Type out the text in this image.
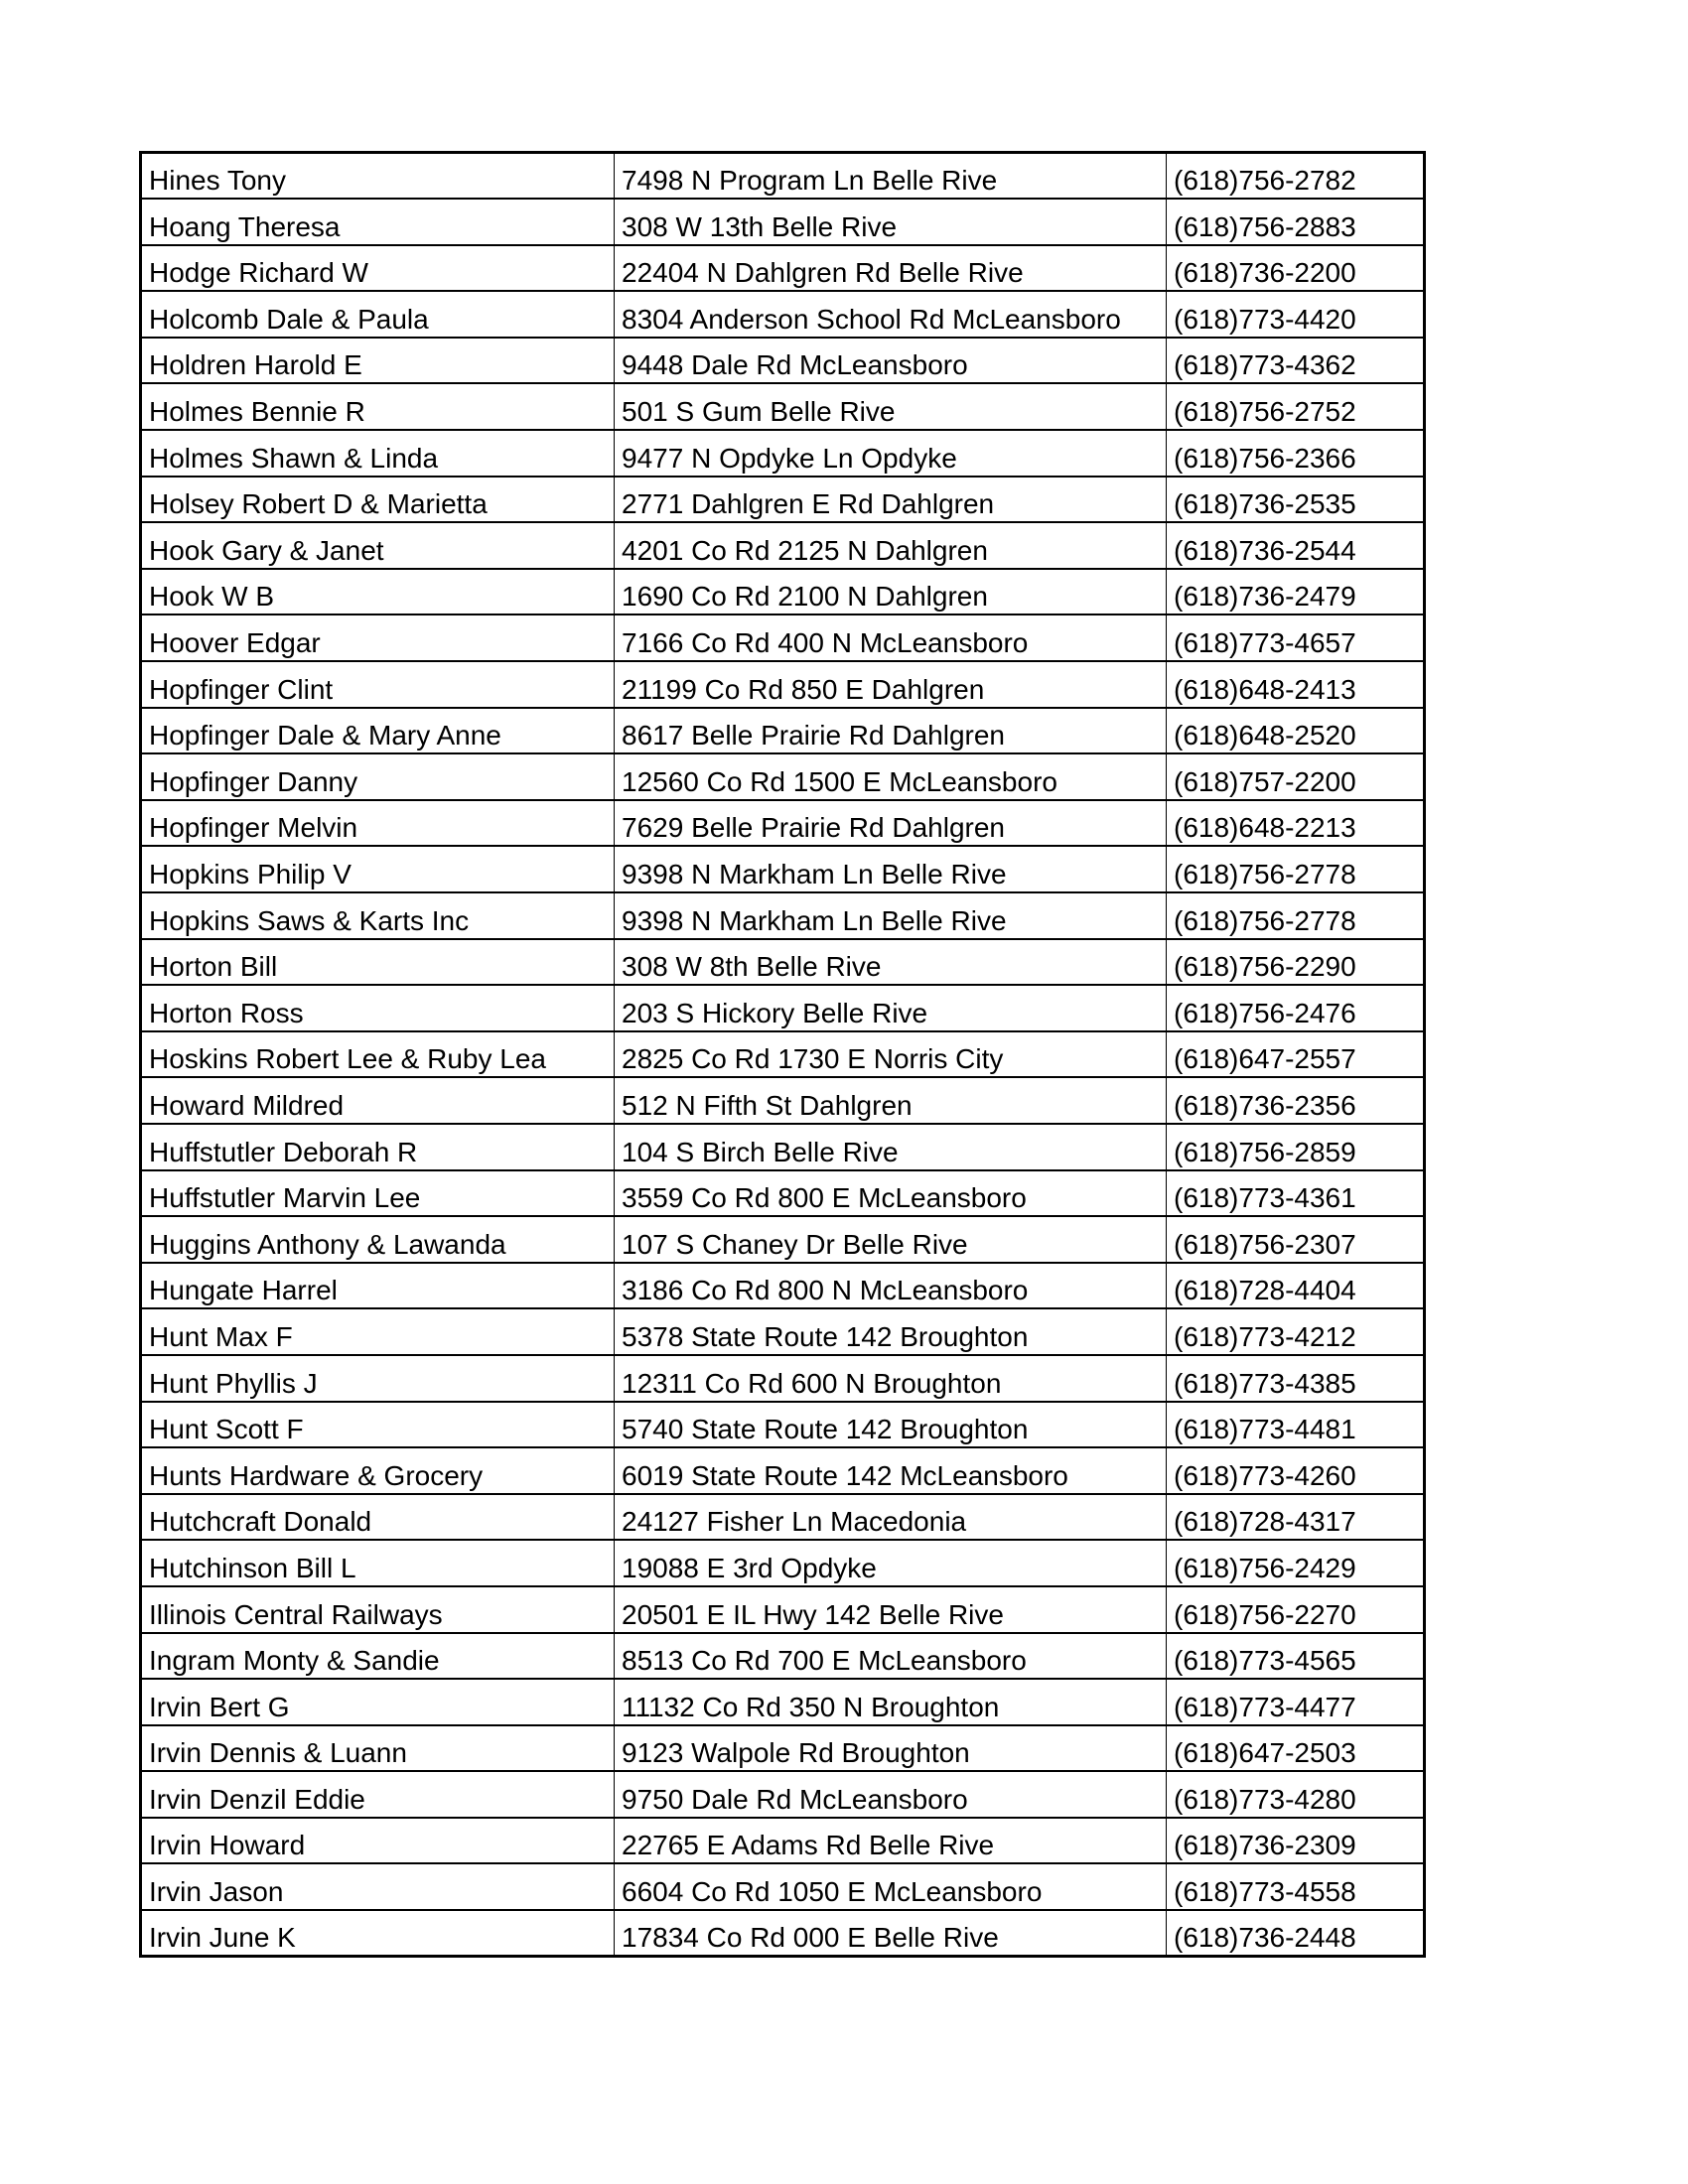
Hines Tony	7498 N Program Ln Belle Rive	(618)756-2782
Hoang Theresa	308 W 13th Belle Rive	(618)756-2883
Hodge Richard W	22404 N Dahlgren Rd Belle Rive	(618)736-2200
Holcomb Dale & Paula	8304 Anderson School Rd McLeansboro	(618)773-4420
Holdren Harold E	9448 Dale Rd McLeansboro	(618)773-4362
Holmes Bennie R	501 S Gum Belle Rive	(618)756-2752
Holmes Shawn & Linda	9477 N Opdyke Ln Opdyke	(618)756-2366
Holsey Robert D & Marietta	2771 Dahlgren E Rd Dahlgren	(618)736-2535
Hook Gary & Janet	4201 Co Rd 2125 N Dahlgren	(618)736-2544
Hook W B	1690 Co Rd 2100 N Dahlgren	(618)736-2479
Hoover Edgar	7166 Co Rd 400 N McLeansboro	(618)773-4657
Hopfinger Clint	21199 Co Rd 850 E Dahlgren	(618)648-2413
Hopfinger Dale & Mary Anne	8617 Belle Prairie Rd Dahlgren	(618)648-2520
Hopfinger Danny	12560 Co Rd 1500 E McLeansboro	(618)757-2200
Hopfinger Melvin	7629 Belle Prairie Rd Dahlgren	(618)648-2213
Hopkins Philip V	9398 N Markham Ln Belle Rive	(618)756-2778
Hopkins Saws & Karts Inc	9398 N Markham Ln Belle Rive	(618)756-2778
Horton Bill	308 W 8th Belle Rive	(618)756-2290
Horton Ross	203 S Hickory Belle Rive	(618)756-2476
Hoskins Robert Lee & Ruby Lea	2825 Co Rd 1730 E Norris City	(618)647-2557
Howard Mildred	512 N Fifth St Dahlgren	(618)736-2356
Huffstutler Deborah R	104 S Birch Belle Rive	(618)756-2859
Huffstutler Marvin Lee	3559 Co Rd 800 E McLeansboro	(618)773-4361
Huggins Anthony & Lawanda	107 S Chaney Dr Belle Rive	(618)756-2307
Hungate Harrel	3186 Co Rd 800 N McLeansboro	(618)728-4404
Hunt Max F	5378 State Route 142 Broughton	(618)773-4212
Hunt Phyllis J	12311 Co Rd 600 N Broughton	(618)773-4385
Hunt Scott F	5740 State Route 142 Broughton	(618)773-4481
Hunts Hardware & Grocery	6019 State Route 142 McLeansboro	(618)773-4260
Hutchcraft Donald	24127 Fisher Ln Macedonia	(618)728-4317
Hutchinson Bill L	19088 E 3rd Opdyke	(618)756-2429
Illinois Central Railways	20501 E IL Hwy 142 Belle Rive	(618)756-2270
Ingram Monty & Sandie	8513 Co Rd 700 E McLeansboro	(618)773-4565
Irvin Bert G	11132 Co Rd 350 N Broughton	(618)773-4477
Irvin Dennis & Luann	9123 Walpole Rd Broughton	(618)647-2503
Irvin Denzil Eddie	9750 Dale Rd McLeansboro	(618)773-4280
Irvin Howard	22765 E Adams Rd Belle Rive	(618)736-2309
Irvin Jason	6604 Co Rd 1050 E McLeansboro	(618)773-4558
Irvin June K	17834 Co Rd 000 E Belle Rive	(618)736-2448
